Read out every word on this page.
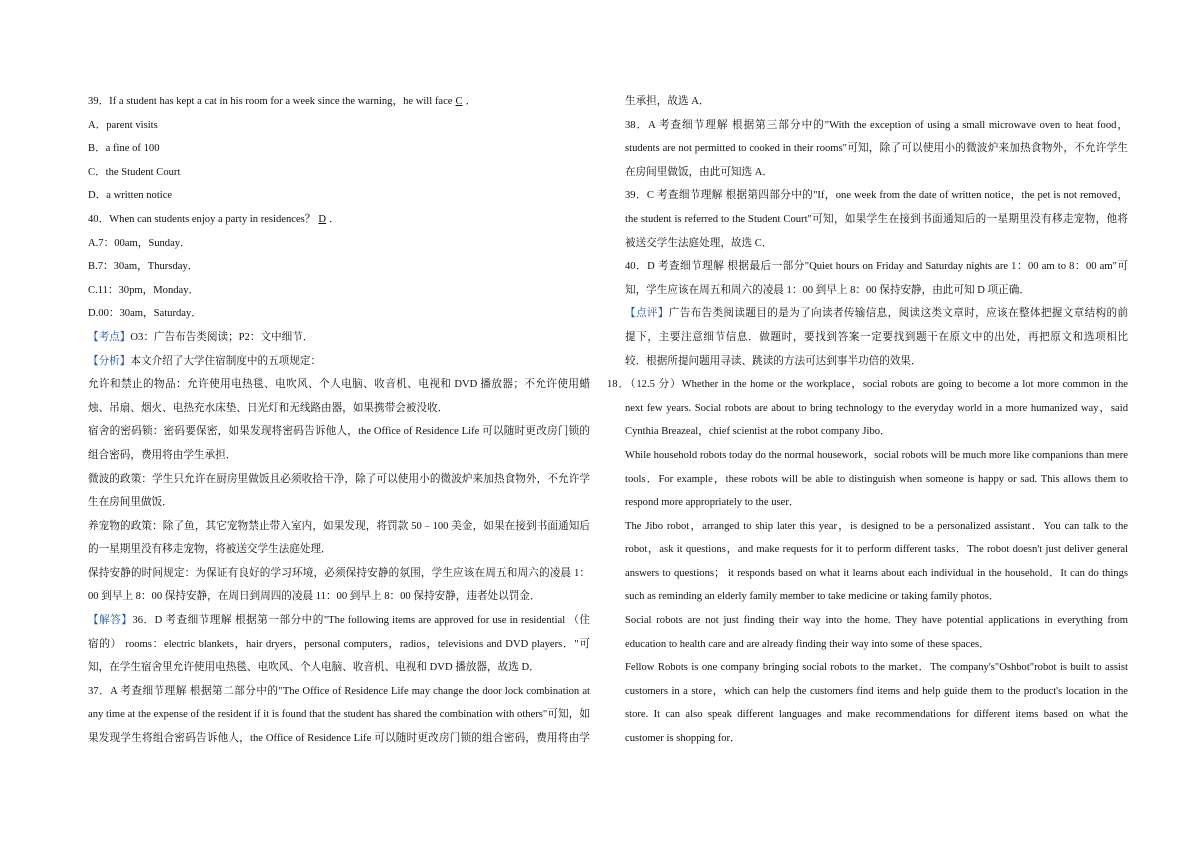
39．If a student has kept a cat in his room for a week since the warning，he will face C ．
A．parent visits
B．a fine of 100
C．the Student Court
D．a written notice
40．When can students enjoy a party in residences？ D ．
A.7：00am，Sunday．
B.7：30am，Thursday．
C.11：30pm，Monday．
D.00：30am，Saturday．
【考点】O3：广告布告类阅读；P2：文中细节．
【分析】本文介绍了大学住宿制度中的五项规定：
允许和禁止的物品：允许使用电热毯、电吹风、个人电脑、收音机、电视和 DVD 播放器；不允许使用蜡
烛、吊扇、烟火、电热充水床垫、日光灯和无线路由器，如果携带会被没收．
宿舍的密码锁：密码要保密，如果发现将密码告诉他人，the Office of Residence Life 可以随时更改房门锁的
组合密码，费用将由学生承担．
微波的政策：学生只允许在厨房里做饭且必须收拾干净，除了可以使用小的微波炉来加热食物外，不允许学
生在房间里做饭．
养宠物的政策：除了鱼，其它宠物禁止带入室内，如果发现，将罚款 50﹣100 美金，如果在接到书面通知后
的一星期里没有移走宠物，将被送交学生法庭处理．
保持安静的时间规定：为保证有良好的学习环境，必须保持安静的氛围，学生应该在周五和周六的凌晨 1：
00 到早上 8：00 保持安静，在周日到周四的凌晨 11：00 到早上 8：00 保持安静，违者处以罚金．
【解答】36．D 考查细节理解 根据第一部分中的"The following items are approved for use in residential （住
宿的） rooms：electric blankets，hair dryers，personal computers，radios，televisions and DVD players．"可
知，在学生宿舍里允许使用电热毯、电吹风、个人电脑、收音机、电视和 DVD 播放器，故选 D．
37．A 考查细节理解 根据第二部分中的"The Office of Residence Life may change the door lock combination at
any time at the expense of the resident if it is found that the student has shared the combination with others"可知，如
果发现学生将组合密码告诉他人，the Office of Residence Life 可以随时更改房门锁的组合密码，费用将由学
生承担，故选 A．
38．A 考查细节理解 根据第三部分中的"With the exception of using a small microwave oven to heat food，
students are not permitted to cooked in their rooms"可知，除了可以使用小的微波炉来加热食物外，不允许学生
在房间里做饭，由此可知选 A．
39．C 考查细节理解 根据第四部分中的"If，one week from the date of written notice，the pet is not removed，
the student is referred to the Student Court"可知，如果学生在接到书面通知后的一星期里没有移走宠物，他将
被送交学生法庭处理，故选 C．
40．D 考查细节理解 根据最后一部分"Quiet hours on Friday and Saturday nights are 1：00 am to 8：00 am"可
知，学生应该在周五和周六的凌晨 1：00 到早上 8：00 保持安静，由此可知 D 项正确．
【点评】广告布告类阅读题目的是为了向读者传输信息，阅读这类文章时，应该在整体把握文章结构的前
提下，主要注意细节信息．做题时，要找到答案一定要找到题干在原文中的出处，再把原文和选项相比
较．根据所提问题用寻读、跳读的方法可达到事半功倍的效果．
18．（12.5 分）Whether in the home or the workplace，social robots are going to become a lot more common in the
next few years. Social robots are about to bring technology to the everyday world in a more humanized way，said
Cynthia Breazeal，chief scientist at the robot company Jibo．
While household robots today do the normal housework，social robots will be much more like companions than mere
tools．For example，these robots will be able to distinguish when someone is happy or sad. This allows them to
respond more appropriately to the user．
The Jibo robot，arranged to ship later this year，is designed to be a personalized assistant．You can talk to the
robot，ask it questions，and make requests for it to perform different tasks．The robot doesn't just deliver general
answers to questions； it responds based on what it learns about each individual in the household．It can do things
such as reminding an elderly family member to take medicine or taking family photos．
Social robots are not just finding their way into the home. They have potential applications in everything from
education to health care and are already finding their way into some of these spaces．
Fellow Robots is one company bringing social robots to the market．The company's"Oshbot"robot is built to assist
customers in a store，which can help the customers find items and help guide them to the product's location in the
store. It can also speak different languages and make recommendations for different items based on what the
customer is shopping for．
